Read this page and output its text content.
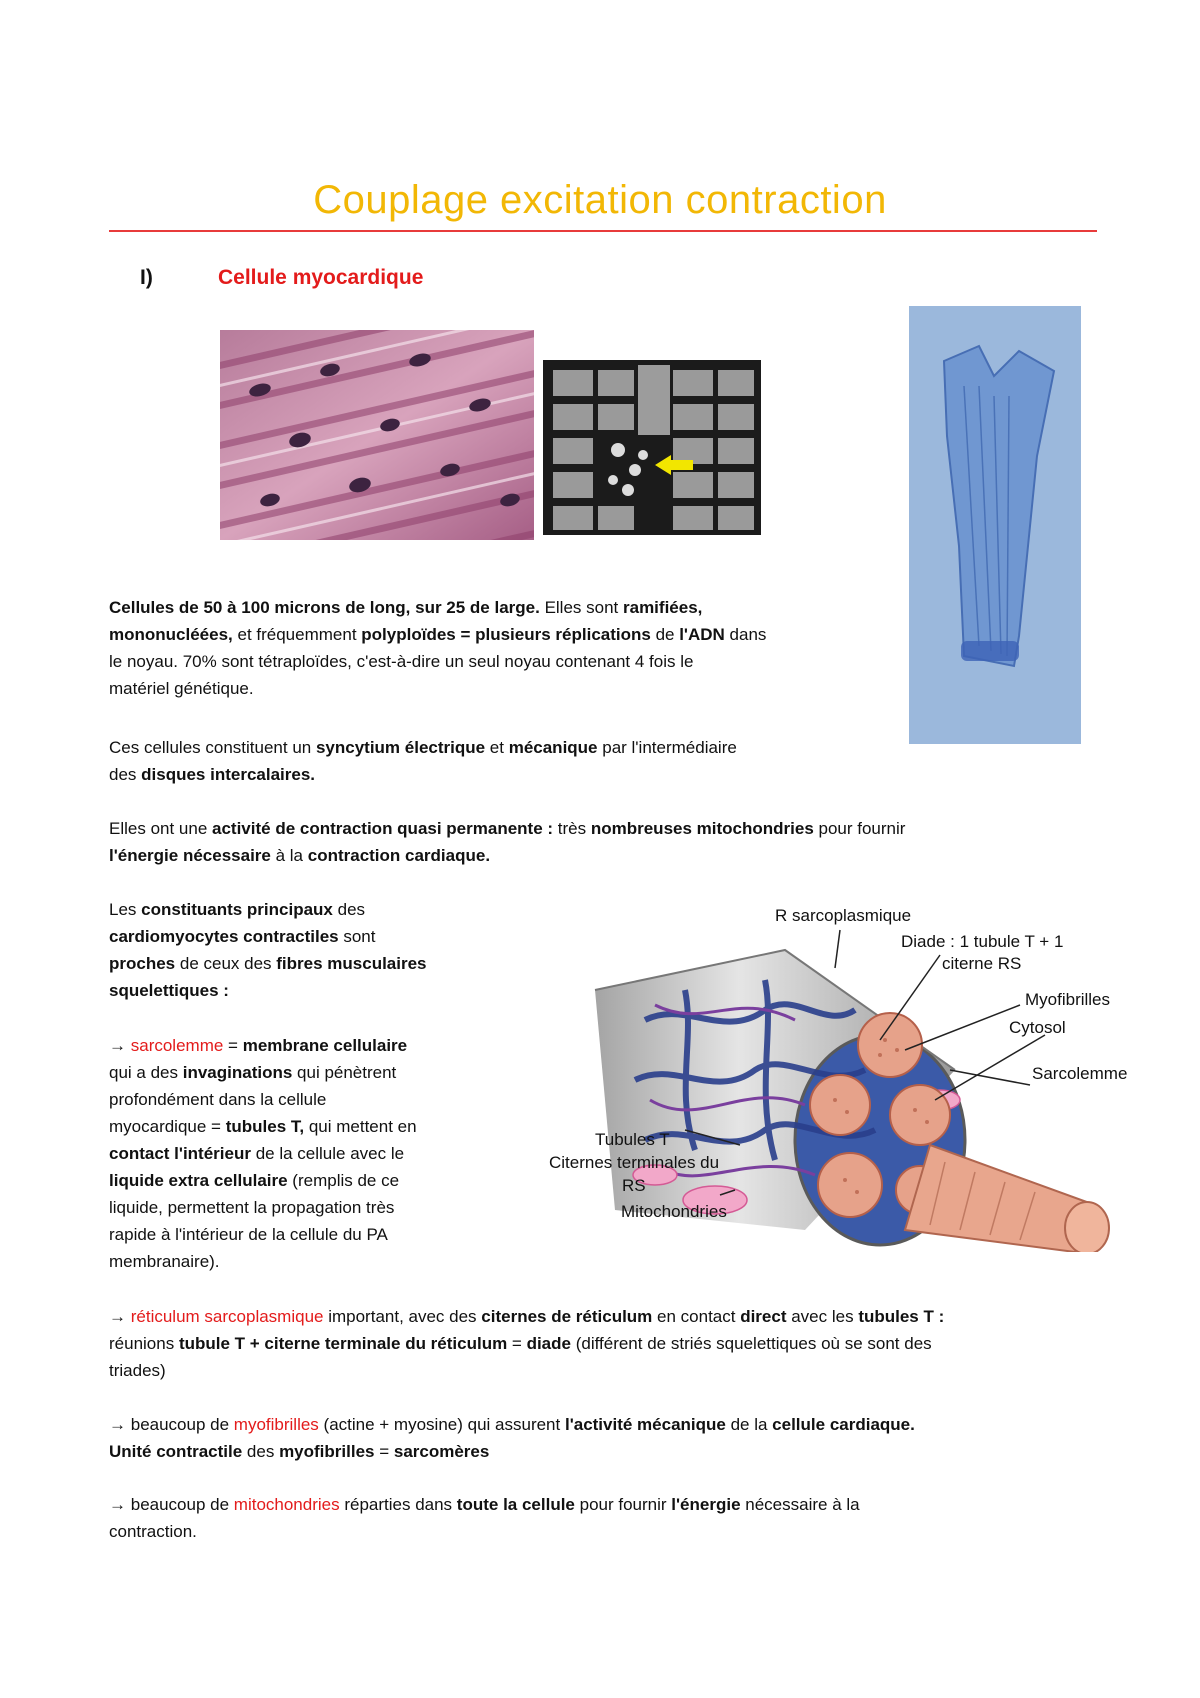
Couplage excitation contraction
I)	Cellule myocardique
Cellules de 50 à 100 microns de long, sur 25 de large. Elles sont ramifiées,
mononucléées, et fréquemment polyploïdes = plusieurs réplications de l'ADN dans
le noyau. 70% sont tétraploïdes, c'est-à-dire un seul noyau contenant 4 fois le
matériel génétique.
Ces cellules constituent un syncytium électrique et mécanique par l'intermédiaire
des disques intercalaires.
Elles ont une activité de contraction quasi permanente : très nombreuses mitochondries pour fournir
l'énergie nécessaire à la contraction cardiaque.
Les constituants principaux des
cardiomyocytes contractiles sont
proches de ceux des fibres musculaires
squelettiques :
→ sarcolemme = membrane cellulaire
qui a des invaginations qui pénètrent
profondément dans la cellule
myocardique = tubules T, qui mettent en
contact l'intérieur de la cellule avec le
liquide extra cellulaire (remplis de ce
liquide, permettent la propagation très
rapide à l'intérieur de la cellule du PA
membranaire).
R sarcoplasmique
Diade : 1 tubule T + 1
citerne RS
Myofibrilles
Cytosol
Sarcolemme
Tubules T
Citernes terminales du
RS
Mitochondries
→ réticulum sarcoplasmique important, avec des citernes de réticulum en contact direct avec les tubules T :
réunions tubule T + citerne terminale du réticulum = diade (différent de striés squelettiques où se sont des
triades)
→ beaucoup de myofibrilles (actine + myosine) qui assurent l'activité mécanique de la cellule cardiaque.
Unité contractile des myofibrilles = sarcomères
→ beaucoup de mitochondries réparties dans toute la cellule pour fournir l'énergie nécessaire à la
contraction.
